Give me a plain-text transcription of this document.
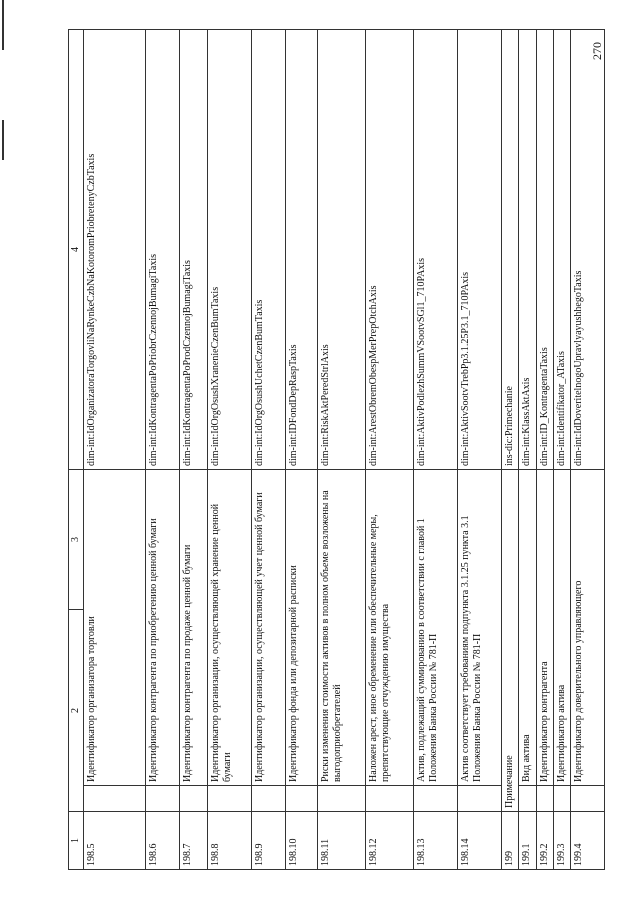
270
1	2		3	4
198.5		Идентификатор организатора торговли		dim-int:IdOrganizatoraTorgovliNaRynkeCzbNaKotoromPriobretenyCzbTaxis
198.6		Идентификатор контрагента по приобретению ценной бумаги		dim-int:IdKontragentaPoPriobrCzennojBumagiTaxis
198.7		Идентификатор контрагента по продаже ценной бумаги		dim-int:IdKontragentaPoProdCzennojBumagiTaxis
198.8		Идентификатор организации, осуществляющей хранение ценной бумаги		dim-int:IdOrgOsushXranenieCzenBumTaxis
198.9		Идентификатор организации, осуществляющей учет ценной бумаги		dim-int:IdOrgOsushUchetCzenBumTaxis
198.10		Идентификатор фонда или депозитарной расписки		dim-int:IDFondDepRaspTaxis
198.11		Риски изменения стоимости активов в полном объеме возложены на выгодоприобретателей		dim-int:RiskAktPeredStrlAxis
198.12		Наложен арест, иное обременение или обеспечительные меры, препятствующие отчуждению имущества		dim-int:ArestObremObespMerPrepOtchAxis
198.13		Актив, подлежащий суммированию в соответствии с главой 1 Положения Банка России № 781-П		dim-int:AktivPodlezhSummVSootvSGl1_710PAxis
198.14		Актив соответствует требованиям подпункта 3.1.25 пункта 3.1 Положения Банка России № 781-П		dim-int:AktivSootvTrebPp3.1.25P3.1_710PAxis
199	Примечание			ins-dic:Primechanie
199.1		Вид актива		dim-int:KlassAktAxis
199.2		Идентификатор контрагента		dim-int:ID_KontragentaTaxis
199.3		Идентификатор актива		dim-int:Identifikator_ATaxis
199.4		Идентификатор доверительного управляющего		dim-int:IdDoveritelnogoUpravlyayushhegoTaxis
